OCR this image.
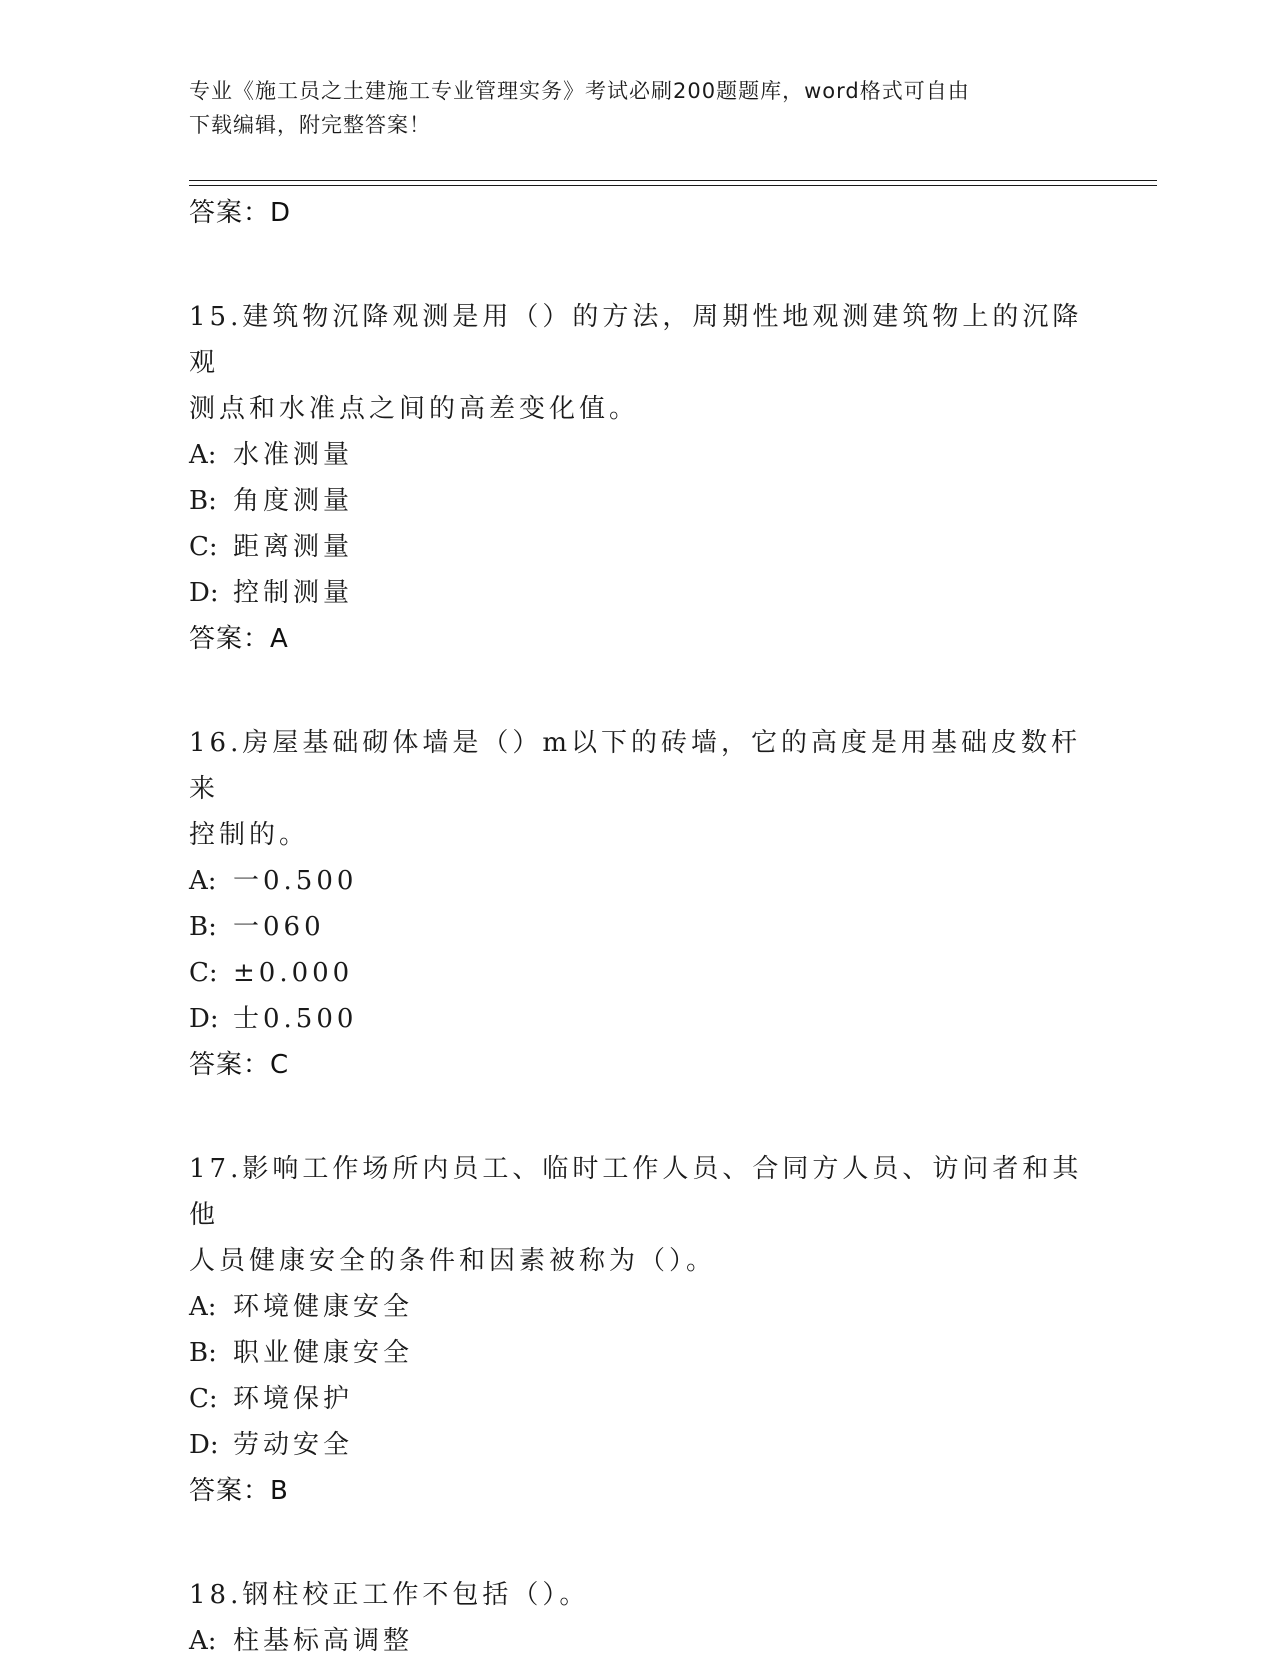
专业《施工员之土建施工专业管理实务》考试必刷200题题库，word格式可自由
下载编辑，附完整答案！
答案：D
15.建筑物沉降观测是用（）的方法，周期性地观测建筑物上的沉降观
测点和水准点之间的高差变化值。
A: 水准测量
B: 角度测量
C: 距离测量
D: 控制测量
答案：A
16.房屋基础砌体墙是（）m以下的砖墙，它的高度是用基础皮数杆来
控制的。
A: 一0.500
B: 一060
C: ±0.000
D: 士0.500
答案：C
17.影响工作场所内员工、临时工作人员、合同方人员、访问者和其他
人员健康安全的条件和因素被称为（）。
A: 环境健康安全
B: 职业健康安全
C: 环境保护
D: 劳动安全
答案：B
18.钢柱校正工作不包括（）。
A: 柱基标高调整
